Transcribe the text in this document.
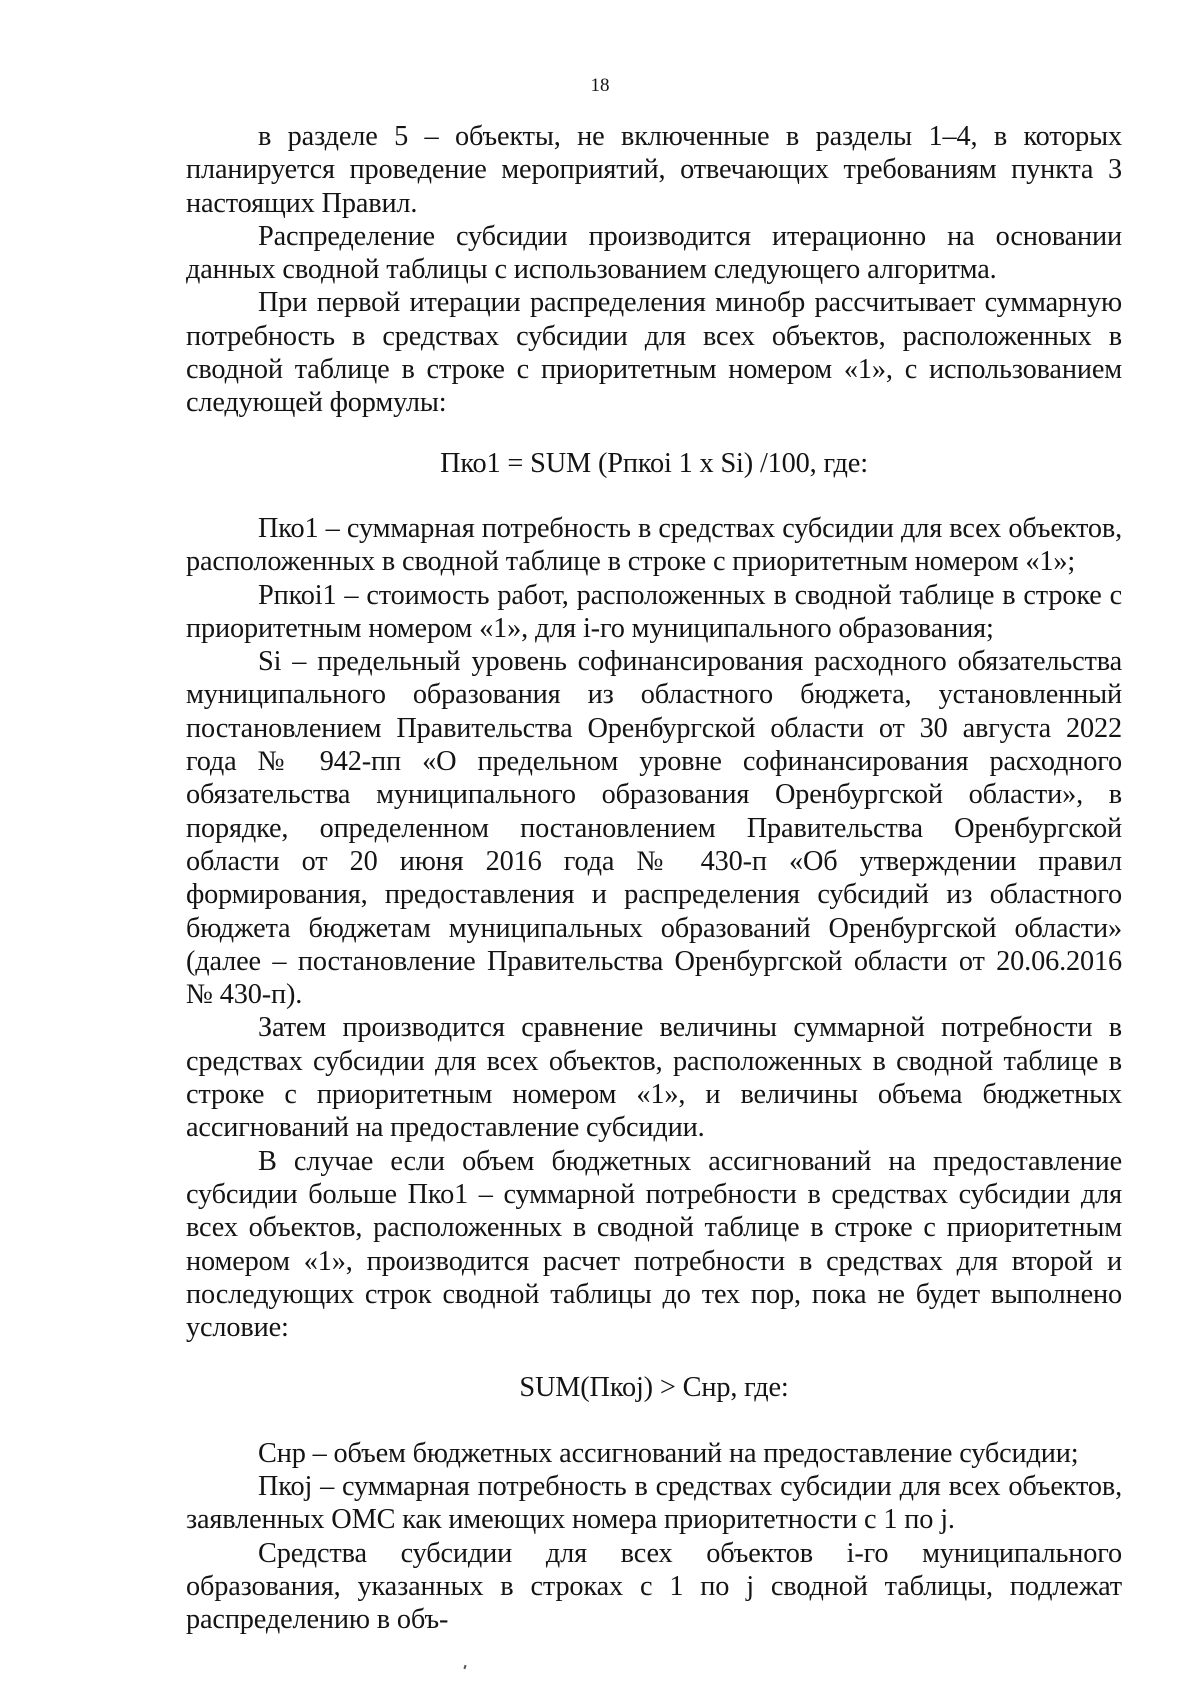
18

в разделе 5 – объекты, не включенные в разделы 1–4, в которых планируется проведение мероприятий, отвечающих требованиям пункта 3 настоящих Правил.

Распределение субсидии производится итерационно на основании данных сводной таблицы с использованием следующего алгоритма.

При первой итерации распределения минобр рассчитывает суммарную потребность в средствах субсидии для всех объектов, расположенных в сводной таблице в строке с приоритетным номером «1», с использованием следующей формулы:

Пко1 = SUM (Рпкоi 1 x Si) /100, где:

Пко1 – суммарная потребность в средствах субсидии для всех объектов, расположенных в сводной таблице в строке с приоритетным номером «1»;

Рпкоi1 – стоимость работ, расположенных в сводной таблице в строке с приоритетным номером «1», для i-го муниципального образования;

Si – предельный уровень софинансирования расходного обязательства муниципального образования из областного бюджета, установленный постановлением Правительства Оренбургской области от 30 августа 2022 года № 942-пп «О предельном уровне софинансирования расходного обязательства муниципального образования Оренбургской области», в порядке, определенном постановлением Правительства Оренбургской области от 20 июня 2016 года № 430-п «Об утверждении правил формирования, предоставления и распределения субсидий из областного бюджета бюджетам муниципальных образований Оренбургской области» (далее – постановление Правительства Оренбургской области от 20.06.2016 № 430-п).

Затем производится сравнение величины суммарной потребности в средствах субсидии для всех объектов, расположенных в сводной таблице в строке с приоритетным номером «1», и величины объема бюджетных ассигнований на предоставление субсидии.

В случае если объем бюджетных ассигнований на предоставление субсидии больше Пко1 – суммарной потребности в средствах субсидии для всех объектов, расположенных в сводной таблице в строке с приоритетным номером «1», производится расчет потребности в средствах для второй и последующих строк сводной таблицы до тех пор, пока не будет выполнено условие:

SUM(Пкоj) > Снр, где:

Снр – объем бюджетных ассигнований на предоставление субсидии;

Пкоj – суммарная потребность в средствах субсидии для всех объектов, заявленных ОМС как имеющих номера приоритетности с 1 по j.

Средства субсидии для всех объектов i-го муниципального образования, указанных в строках с 1 по j сводной таблицы, подлежат распределению в объ-
